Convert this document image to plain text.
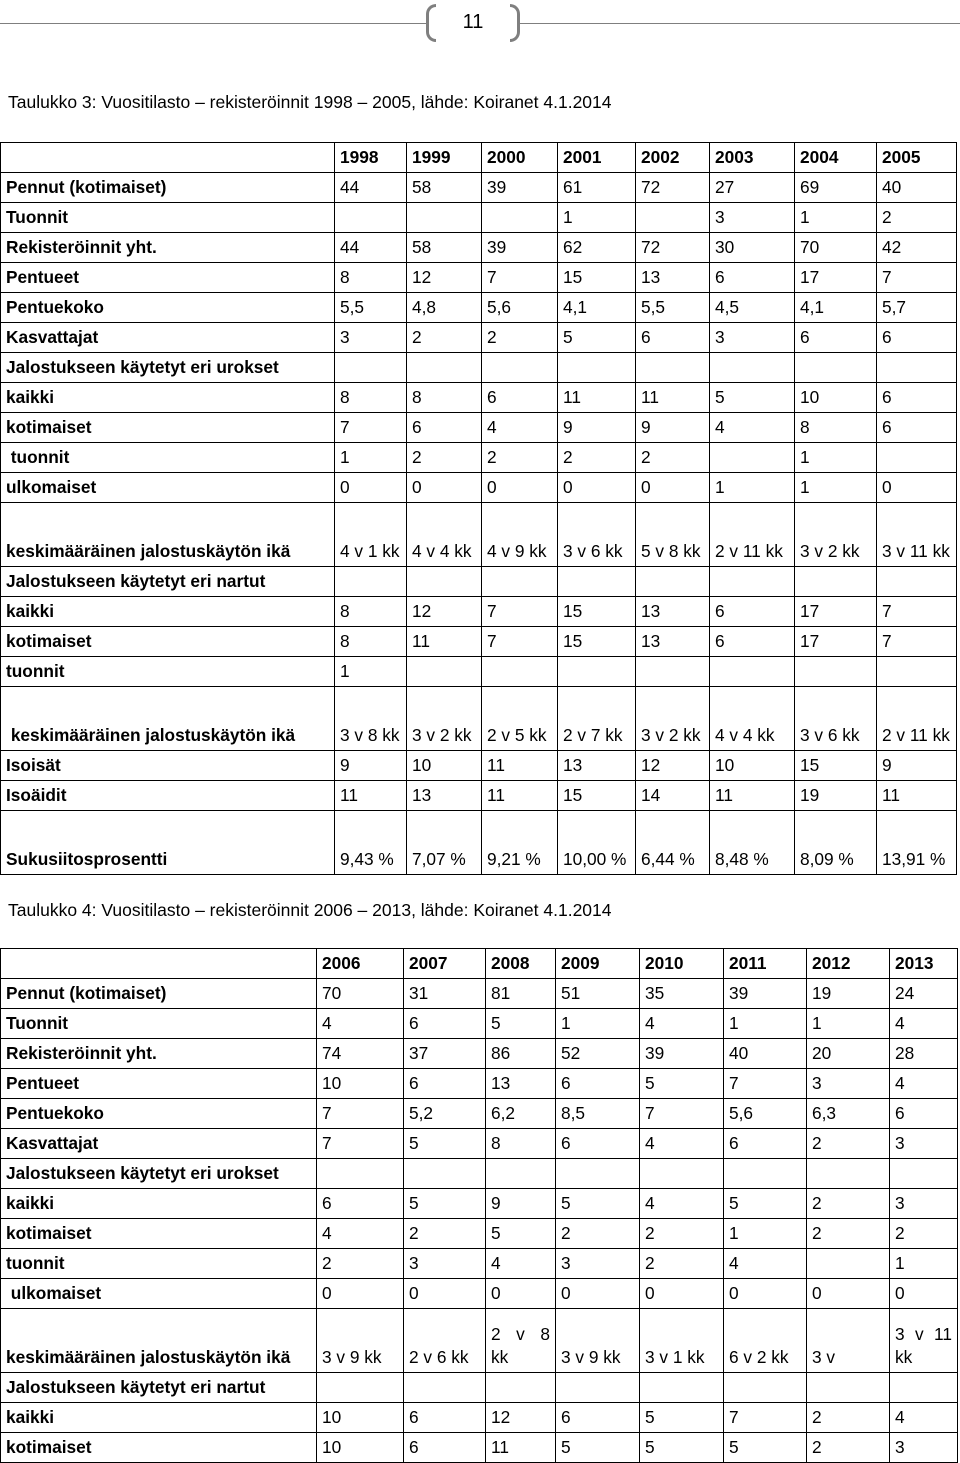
11
Taulukko 3: Vuositilasto – rekisteröinnit 1998 – 2005, lähde: Koiranet 4.1.2014
	1998	1999	2000	2001	2002	2003	2004	2005
Pennut (kotimaiset)	44	58	39	61	72	27	69	40
Tuonnit				1		3	1	2
Rekisteröinnit yht.	44	58	39	62	72	30	70	42
Pentueet	8	12	7	15	13	6	17	7
Pentuekoko	5,5	4,8	5,6	4,1	5,5	4,5	4,1	5,7
Kasvattajat	3	2	2	5	6	3	6	6
Jalostukseen käytetyt eri urokset								
kaikki	8	8	6	11	11	5	10	6
kotimaiset	7	6	4	9	9	4	8	6
tuonnit	1	2	2	2	2		1	
ulkomaiset	0	0	0	0	0	1	1	0
keskimääräinen jalostuskäytön ikä	4 v 1 kk	4 v 4 kk	4 v 9 kk	3 v 6 kk	5 v 8 kk	2 v 11 kk	3 v 2 kk	3 v 11 kk
Jalostukseen käytetyt eri nartut								
kaikki	8	12	7	15	13	6	17	7
kotimaiset	8	11	7	15	13	6	17	7
tuonnit	1							
keskimääräinen jalostuskäytön ikä	3 v 8 kk	3 v 2 kk	2 v 5 kk	2 v 7 kk	3 v 2 kk	4 v 4 kk	3 v 6 kk	2 v 11 kk
Isoisät	9	10	11	13	12	10	15	9
Isoäidit	11	13	11	15	14	11	19	11
Sukusiitosprosentti	9,43 %	7,07 %	9,21 %	10,00 %	6,44 %	8,48 %	8,09 %	13,91 %
Taulukko 4: Vuositilasto – rekisteröinnit 2006 – 2013, lähde: Koiranet 4.1.2014
	2006	2007	2008	2009	2010	2011	2012	2013
Pennut (kotimaiset)	70	31	81	51	35	39	19	24
Tuonnit	4	6	5	1	4	1	1	4
Rekisteröinnit yht.	74	37	86	52	39	40	20	28
Pentueet	10	6	13	6	5	7	3	4
Pentuekoko	7	5,2	6,2	8,5	7	5,6	6,3	6
Kasvattajat	7	5	8	6	4	6	2	3
Jalostukseen käytetyt eri urokset								
kaikki	6	5	9	5	4	5	2	3
kotimaiset	4	2	5	2	2	1	2	2
tuonnit	2	3	4	3	2	4		1
ulkomaiset	0	0	0	0	0	0	0	0
keskimääräinen jalostuskäytön ikä	3 v 9 kk	2 v 6 kk	2 v 8 kk	3 v 9 kk	3 v 1 kk	6 v 2 kk	3 v	3 v 11 kk
Jalostukseen käytetyt eri nartut								
kaikki	10	6	12	6	5	7	2	4
kotimaiset	10	6	11	5	5	5	2	3
